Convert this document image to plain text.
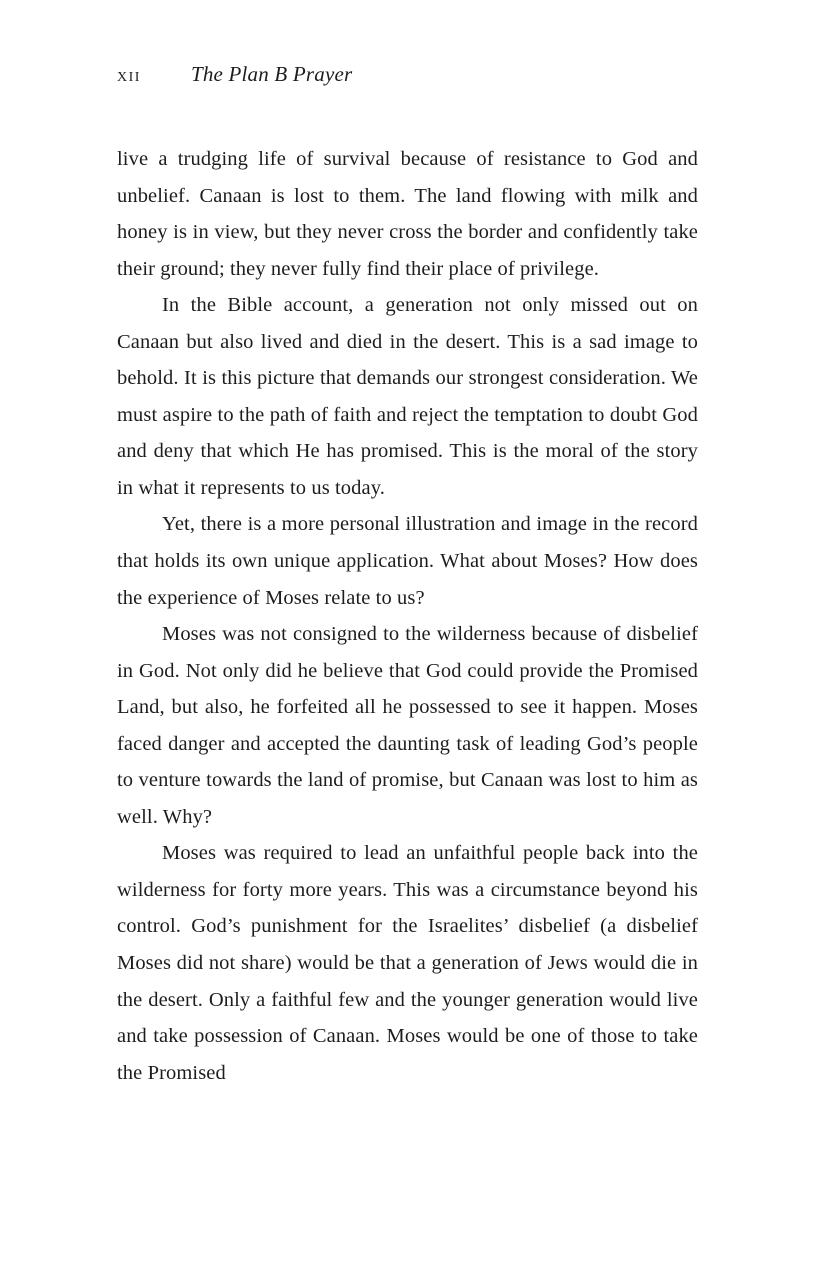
xii The Plan B Prayer

live a trudging life of survival because of resistance to God and unbelief. Canaan is lost to them. The land flowing with milk and honey is in view, but they never cross the border and confidently take their ground; they never fully find their place of privilege.

In the Bible account, a generation not only missed out on Canaan but also lived and died in the desert. This is a sad image to behold. It is this picture that demands our strongest consideration. We must aspire to the path of faith and reject the temptation to doubt God and deny that which He has promised. This is the moral of the story in what it represents to us today.

Yet, there is a more personal illustration and image in the record that holds its own unique application. What about Moses? How does the experience of Moses relate to us?

Moses was not consigned to the wilderness because of disbelief in God. Not only did he believe that God could provide the Promised Land, but also, he forfeited all he possessed to see it happen. Moses faced danger and accepted the daunting task of leading God’s people to venture towards the land of promise, but Canaan was lost to him as well. Why?

Moses was required to lead an unfaithful people back into the wilderness for forty more years. This was a circumstance beyond his control. God’s punishment for the Israelites’ disbelief (a disbelief Moses did not share) would be that a generation of Jews would die in the desert. Only a faithful few and the younger generation would live and take possession of Canaan. Moses would be one of those to take the Promised
